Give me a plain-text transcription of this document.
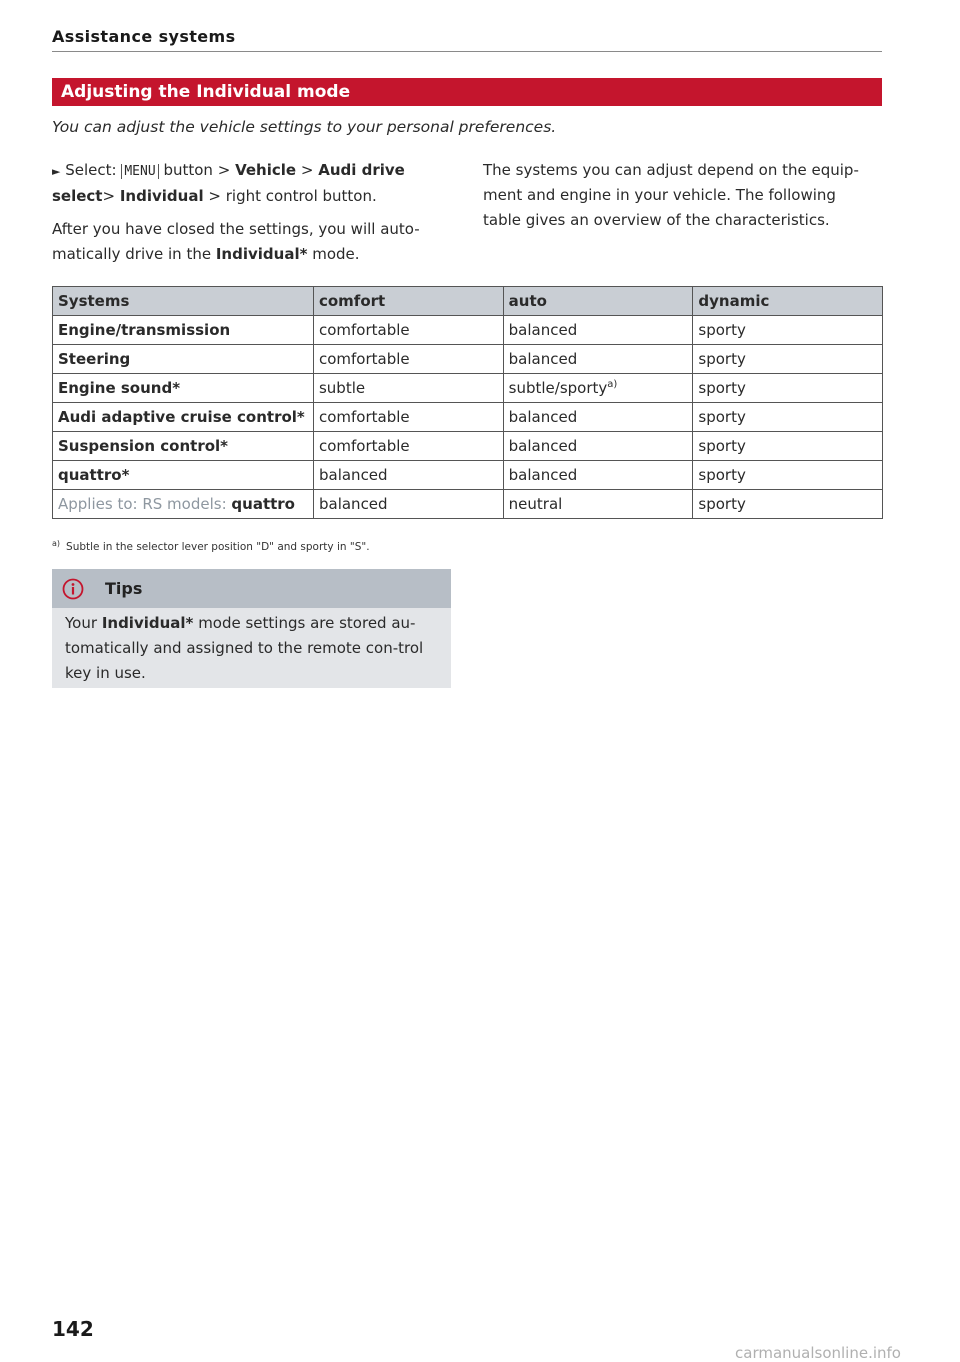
Assistance systems
Adjusting the Individual mode
You can adjust the vehicle settings to your personal preferences.

► Select: MENU button > Vehicle > Audi drive select> Individual > right control button.

After you have closed the settings, you will auto-matically drive in the Individual* mode.

The systems you can adjust depend on the equip-ment and engine in your vehicle. The following table gives an overview of the characteristics.

Systems	comfort	auto	dynamic
Engine/transmission	comfortable	balanced	sporty
Steering	comfortable	balanced	sporty
Engine sound*	subtle	subtle/sporty$^{a)}$	sporty
Audi adaptive cruise control*	comfortable	balanced	sporty
Suspension control*	comfortable	balanced	sporty
quattro*	balanced	balanced	sporty
Applies to: RS models: quattro	balanced	neutral	sporty
$^{a)}$ Subtle in the selector lever position "D" and sporty in "S".
Tips
Your Individual* mode settings are stored au-tomatically and assigned to the remote con-trol key in use.
142
carmanualsonline.info
